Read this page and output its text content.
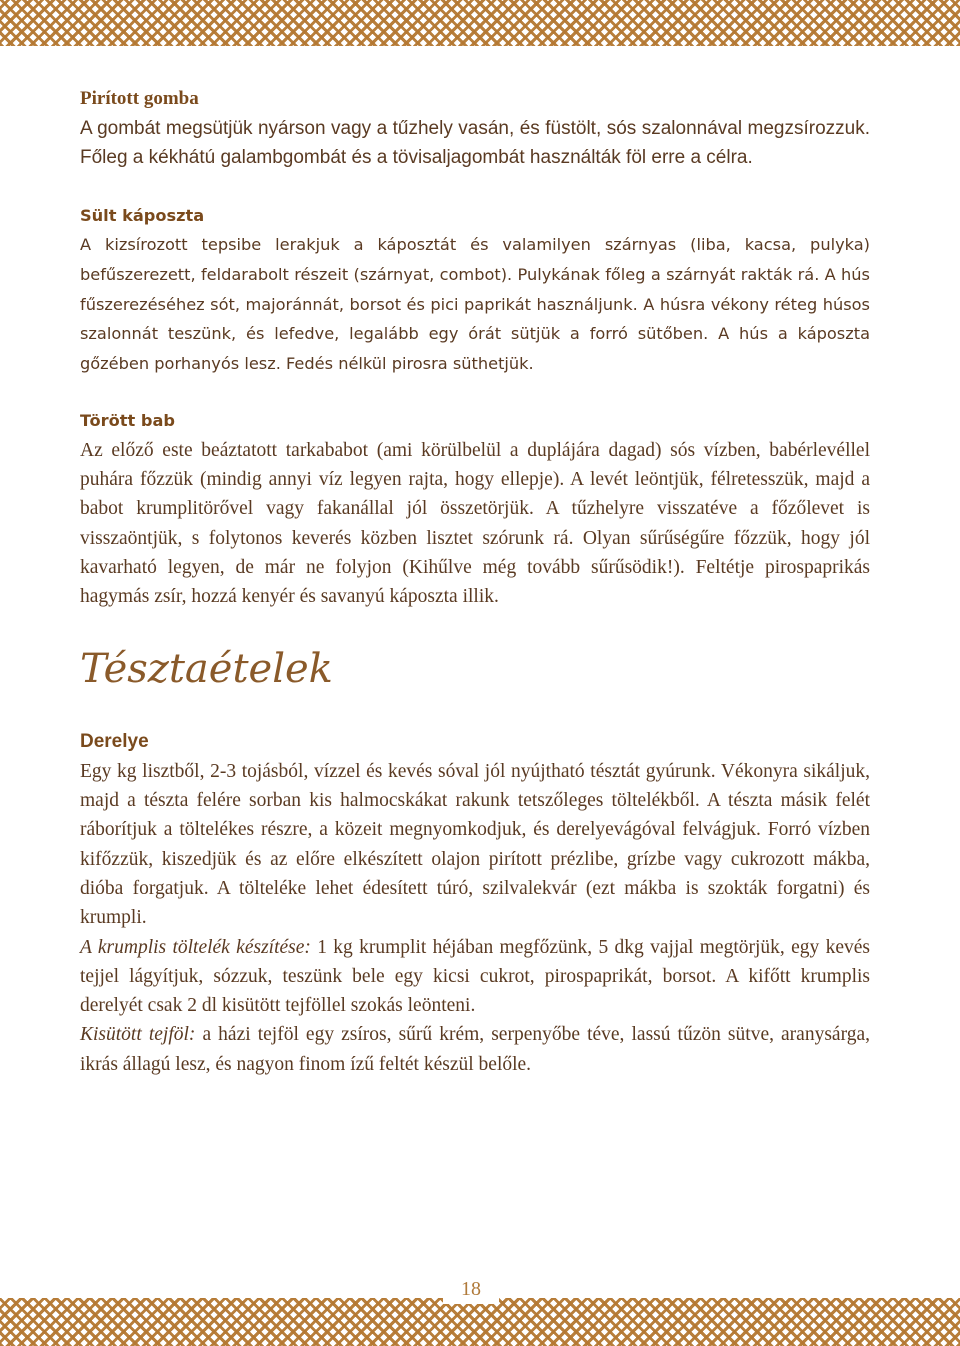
Pirított gomba

A gombát megsütjük nyárson vagy a tűzhely vasán, és füstölt, sós szalonnával megzsírozzuk. Főleg a kékhátú galambgombát és a tövisaljagombát használták föl erre a célra.

Sült káposzta

A kizsírozott tepsibe lerakjuk a káposztát és valamilyen szárnyas (liba, kacsa, pulyka) befűszerezett, feldarabolt részeit (szárnyat, combot). Pulykának főleg a szárnyát rakták rá. A hús fűszerezéséhez sót, majoránnát, borsot és pici paprikát használjunk. A húsra vékony réteg húsos szalonnát teszünk, és lefedve, legalább egy órát sütjük a forró sütőben. A hús a káposzta gőzében porhanyós lesz. Fedés nélkül pirosra süthetjük.

Törött bab

Az előző este beáztatott tarkababot (ami körülbelül a duplájára dagad) sós vízben, babérlevéllel puhára főzzük (mindig annyi víz legyen rajta, hogy ellepje). A levét leöntjük, félretesszük, majd a babot krumplitörővel vagy fakanállal jól összetörjük. A tűzhelyre visszatéve a főzőlevet is visszaöntjük, s folytonos keverés közben lisztet szórunk rá. Olyan sűrűségűre főzzük, hogy jól kavarható legyen, de már ne folyjon (Kihűlve még tovább sűrűsödik!). Feltétje pirospaprikás hagymás zsír, hozzá kenyér és savanyú káposzta illik.

Tésztaételek
Derelye

Egy kg lisztből, 2-3 tojásból, vízzel és kevés sóval jól nyújtható tésztát gyúrunk. Vékonyra sikáljuk, majd a tészta felére sorban kis halmocskákat rakunk tetszőleges töltelékből. A tészta másik felét ráborítjuk a töltelékes részre, a közeit megnyomkodjuk, és derelyevágóval felvágjuk. Forró vízben kifőzzük, kiszedjük és az előre elkészített olajon pirított prézlibe, grízbe vagy cukrozott mákba, dióba forgatjuk. A töltelékе lehet édesített túró, szilvalekvár (ezt mákba is szokták forgatni) és krumpli.

A krumplis töltelék készítése: 1 kg krumplit héjában megfőzünk, 5 dkg vajjal megtörjük, egy kevés tejjel lágyítjuk, sózzuk, teszünk bele egy kicsi cukrot, pirospaprikát, borsot. A kifőtt krumplis derelyét csak 2 dl kisütött tejföllel szokás leönteni.

Kisütött tejföl: a házi tejföl egy zsíros, sűrű krém, serpenyőbe téve, lassú tűzön sütve, aranysárga, ikrás állagú lesz, és nagyon finom ízű feltét készül belőle.

18
